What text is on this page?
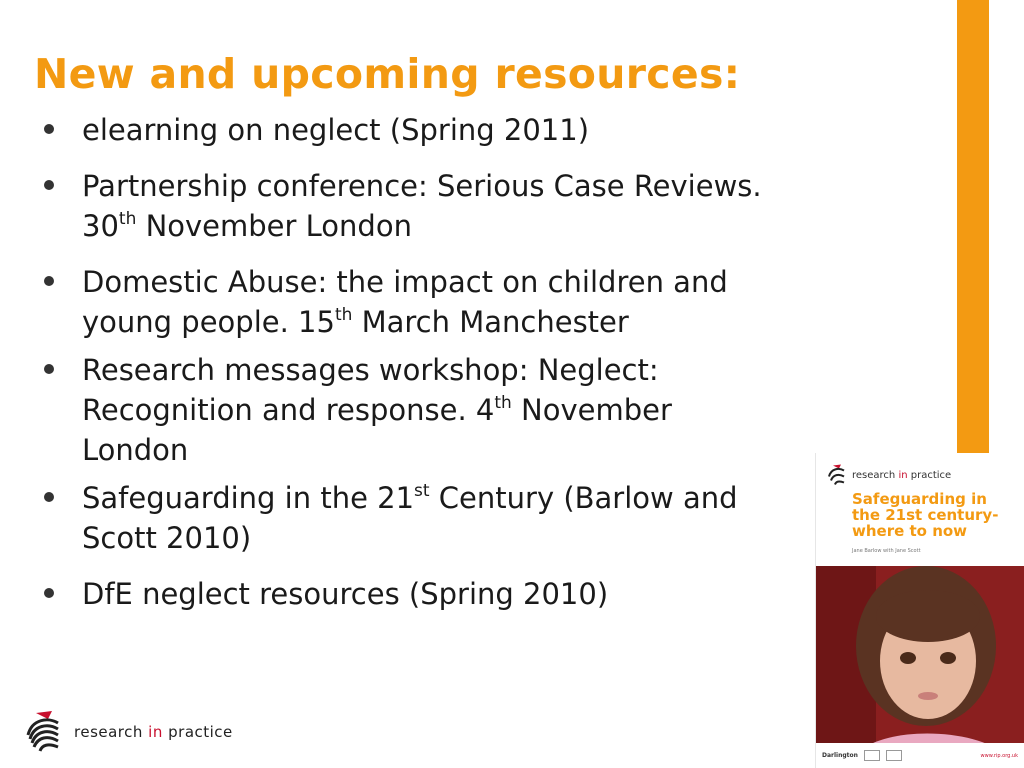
New and upcoming resources:
elearning on neglect (Spring 2011)
Partnership conference: Serious Case Reviews.
30th November London
Domestic Abuse: the impact on children and
young people. 15th March Manchester
Research messages workshop: Neglect:
Recognition and response. 4th November
London
Safeguarding in the 21st Century (Barlow and
Scott 2010)
DfE neglect resources (Spring 2010)
research in practice
research in practice
Safeguarding in the 21st century- where to now
Jane Barlow with Jane Scott
Darlington	www.rip.org.uk
